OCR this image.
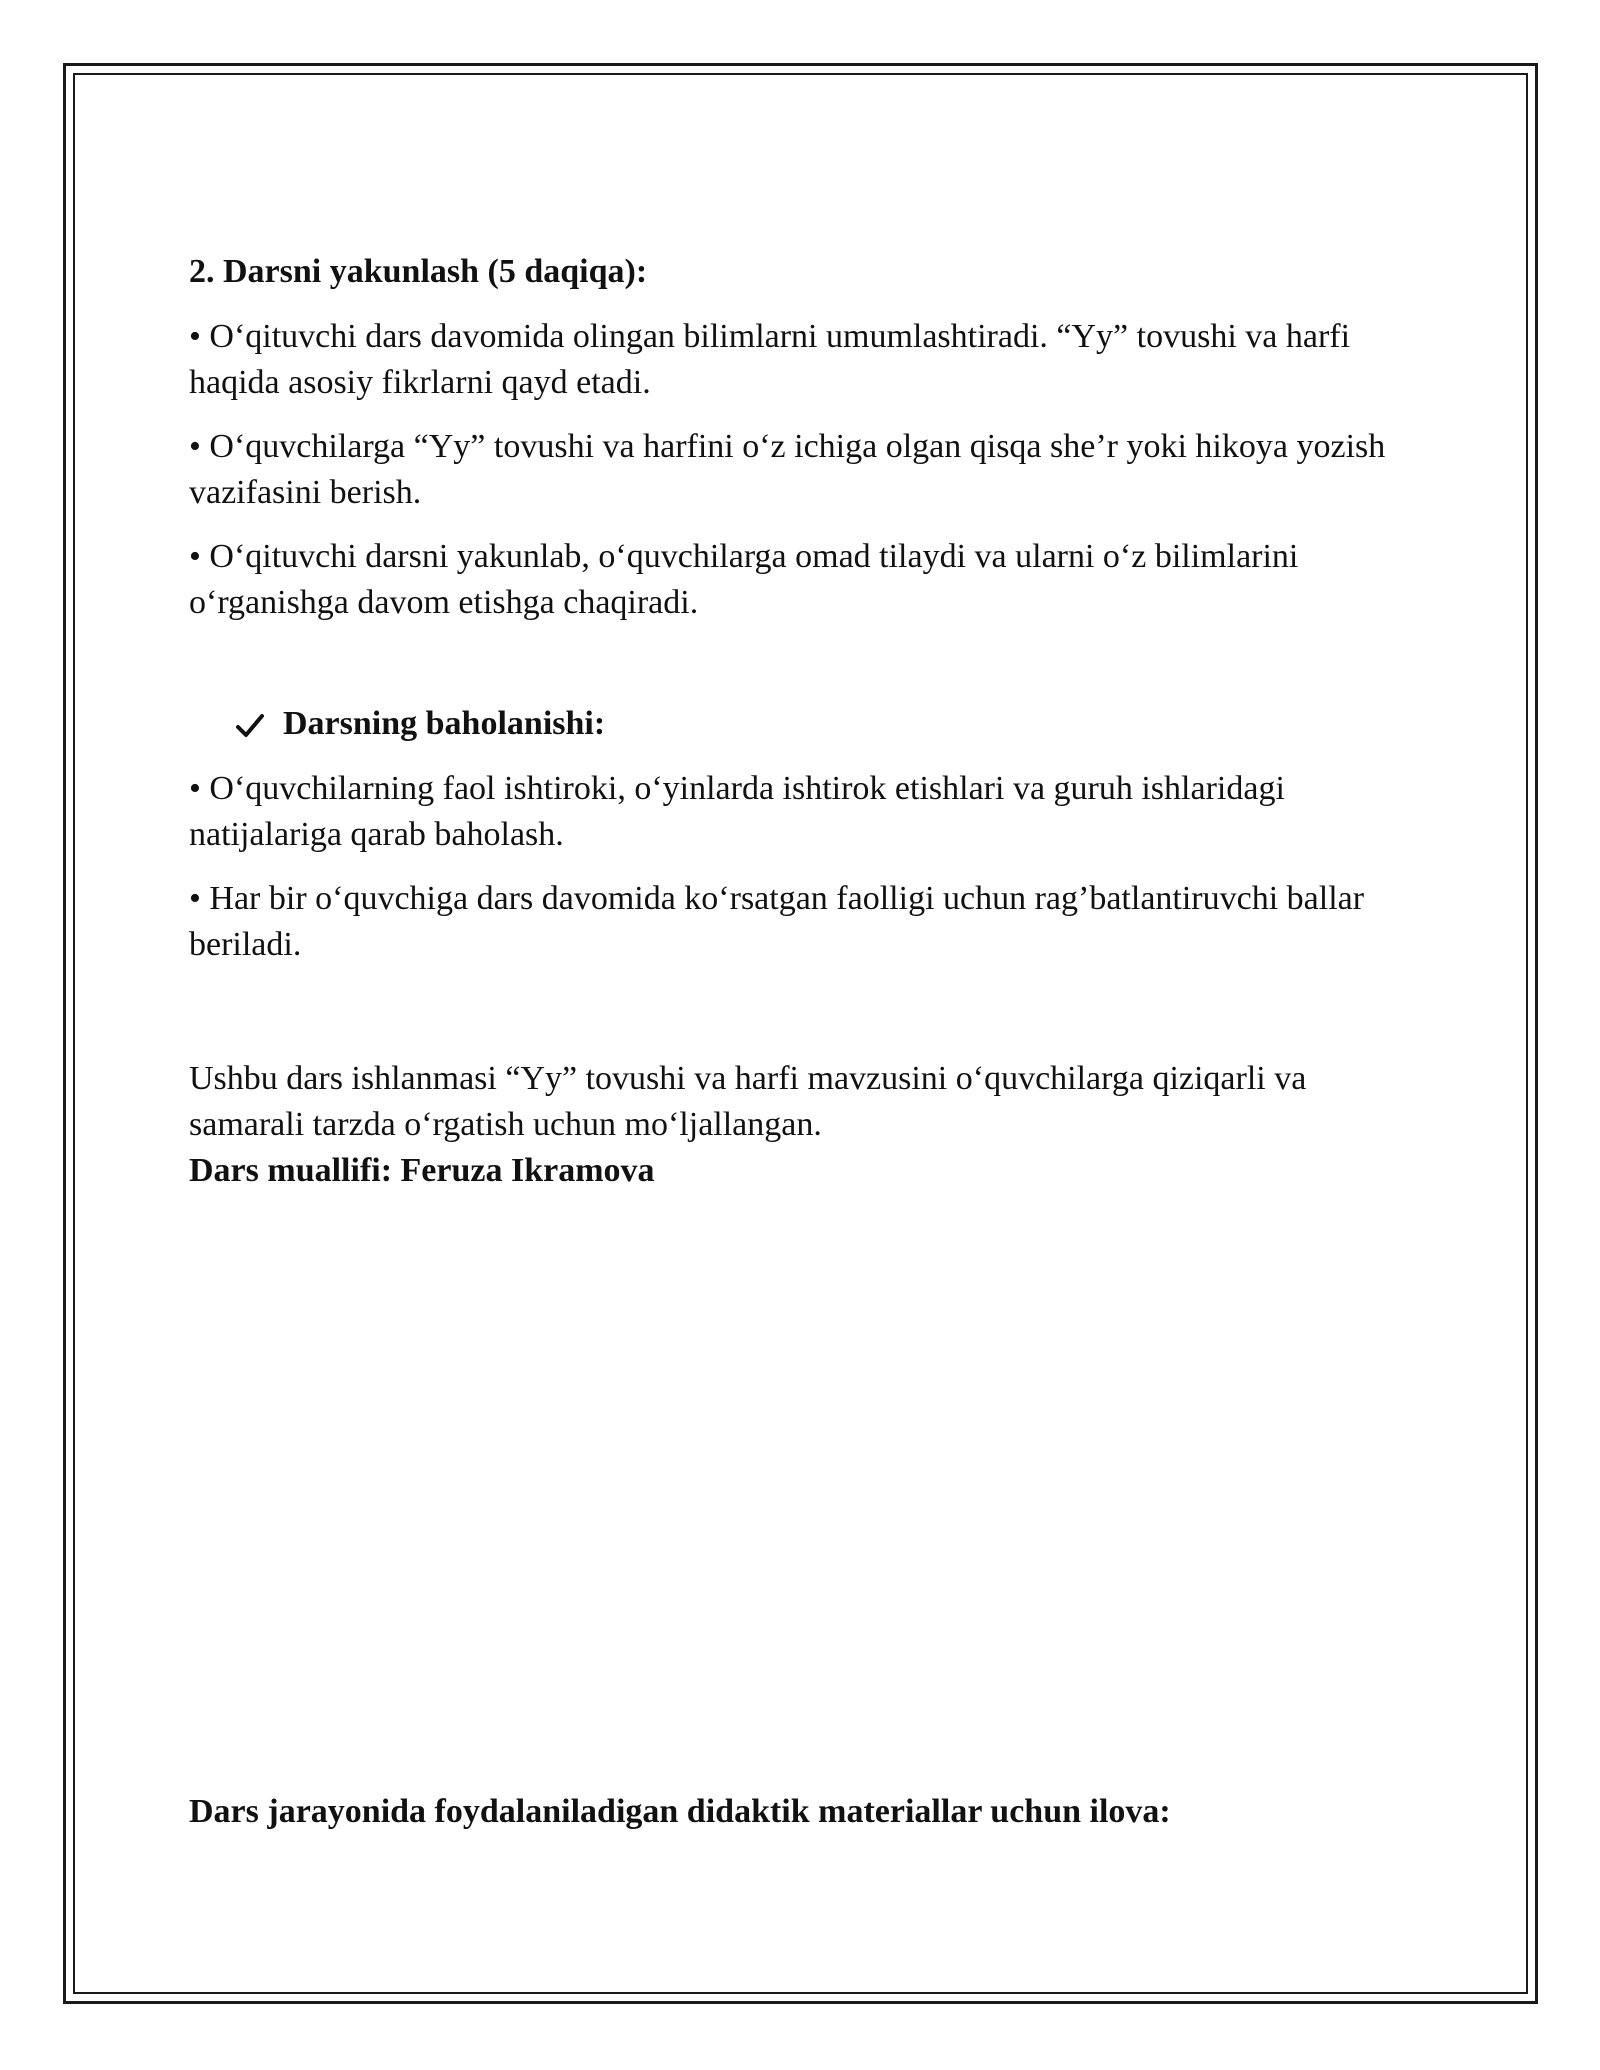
2. Darsni yakunlash (5 daqiqa):

• O‘qituvchi dars davomida olingan bilimlarni umumlashtiradi. “Yy” tovushi va harfi haqida asosiy fikrlarni qayd etadi.

• O‘quvchilarga “Yy” tovushi va harfini o‘z ichiga olgan qisqa she’r yoki hikoya yozish vazifasini berish.

• O‘qituvchi darsni yakunlab, o‘quvchilarga omad tilaydi va ularni o‘z bilimlarini o‘rganishga davom etishga chaqiradi.

Darsning baholanishi:

• O‘quvchilarning faol ishtiroki, o‘yinlarda ishtirok etishlari va guruh ishlaridagi natijalariga qarab baholash.

• Har bir o‘quvchiga dars davomida ko‘rsatgan faolligi uchun rag’batlantiruvchi ballar beriladi.

Ushbu dars ishlanmasi “Yy” tovushi va harfi mavzusini o‘quvchilarga qiziqarli va samarali tarzda o‘rgatish uchun mo‘ljallangan.

Dars muallifi: Feruza Ikramova

Dars jarayonida foydalaniladigan didaktik materiallar uchun ilova:
